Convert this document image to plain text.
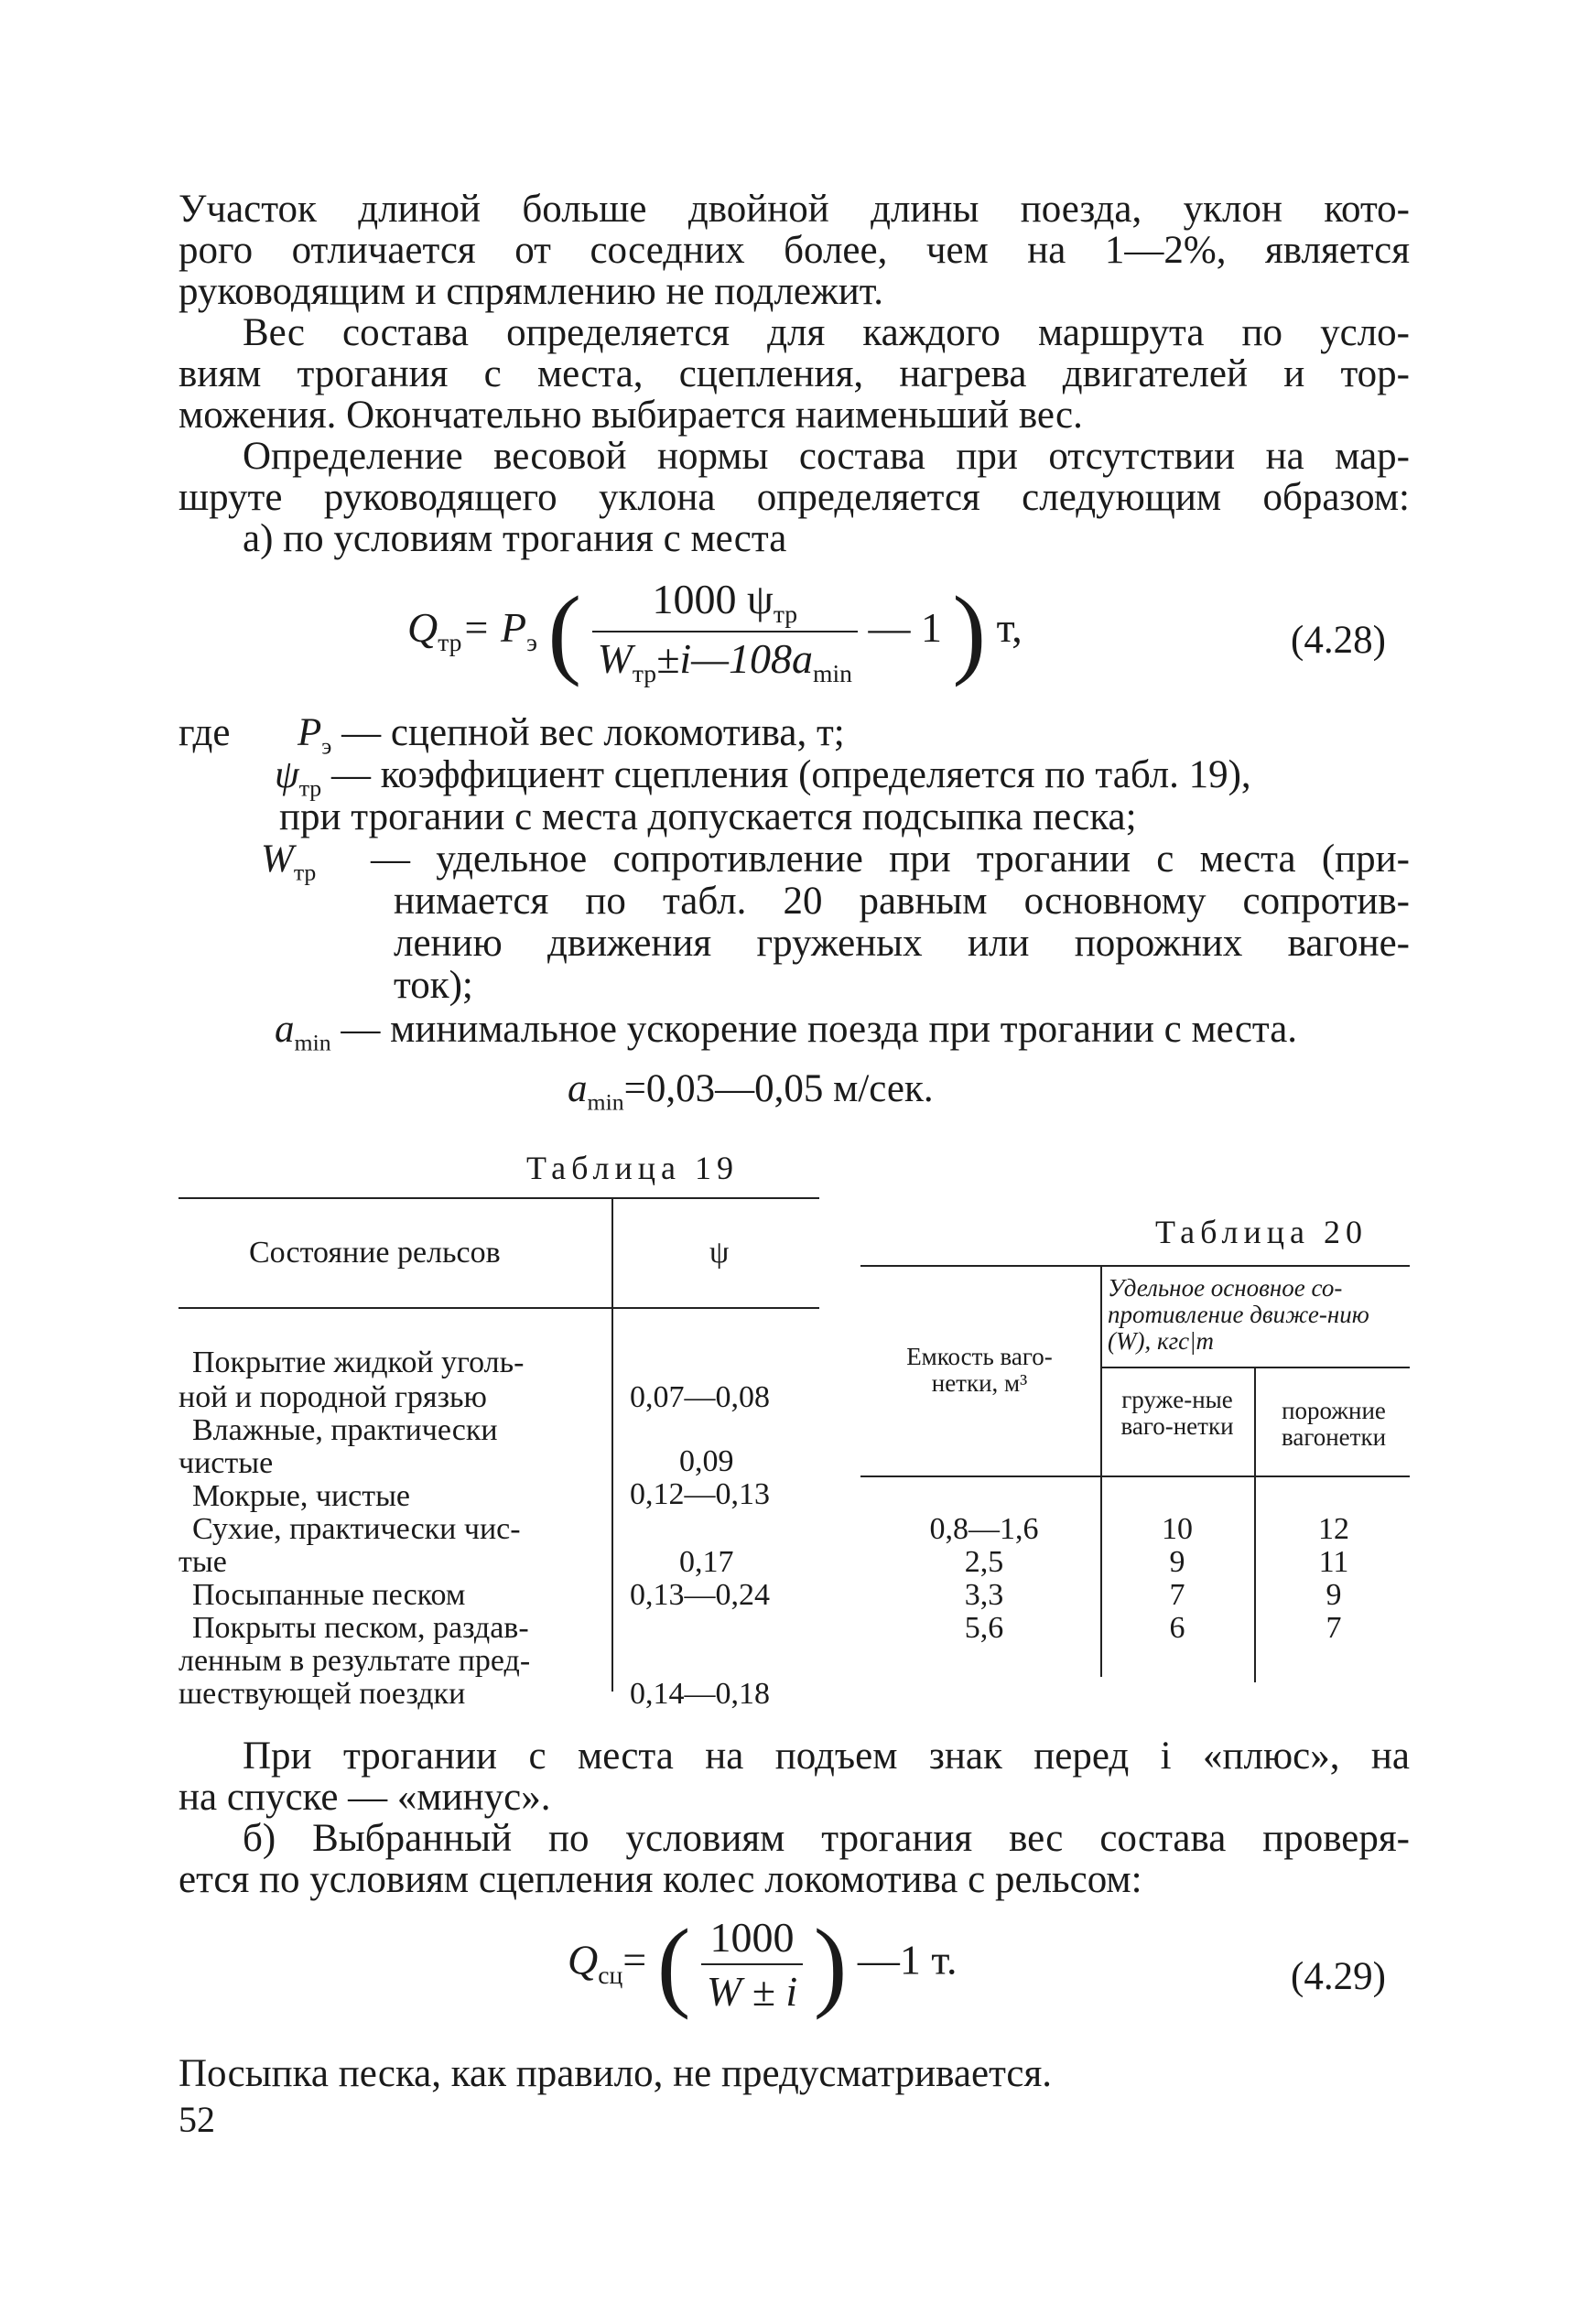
Участок длиной больше двойной длины поезда, уклон кото-
рого отличается от соседних более, чем на 1—2%, является
руководящим и спрямлению не подлежит.
Вес состава определяется для каждого маршрута по усло-
виям трогания с места, сцепления, нагрева двигателей и тор-
можения. Окончательно выбирается наименьший вес.
Определение весовой нормы состава при отсутствии на мар-
шруте руководящего уклона определяется следующим образом:
а) по условиям трогания с места
$Q_{тр}= P_э$ ( $\frac{1000 \psi_{тр}}{W_{тр}\pm i—108a_{min}}$ — 1 ) т,	(4.28)
где $P_э$ — сцепной вес локомотива, т;
$\psi_{тр}$ — коэффициент сцепления (определяется по табл. 19),
при трогании с места допускается подсыпка песка;
$W_{тр}$ — удельное сопротивление при трогании с места (при-
нимается по табл. 20 равным основному сопротив-
лению движения груженых или порожних вагоне-
ток);
$a_{min}$ — минимальное ускорение поезда при трогании с места.
$a_{min}=0,03—0,05$ м/сек.
Таблица 19
Состояние рельсов	ψ
Покрытие жидкой уголь-
ной и породной грязью	0,07—0,08
Влажные, практически
чистые	0,09
Мокрые, чистые	0,12—0,13
Сухие, практически чис-
тые	0,17
Посыпанные песком	0,13—0,24
Покрыты песком, раздав-
ленным в результате пред-
шествующей поездки	0,14—0,18
Таблица 20
Емкость ваго-нетки, м³
Удельное основное со-противление движе-нию (W), кгс|т
гружe-ные ваго-нетки
порожние вагонетки
0,8—1,6	10	12
2,5	9	11
3,3	7	9
5,6	6	7
При трогании с места на подъем знак перед i «плюс», на
на спуске — «минус».
б) Выбранный по условиям трогания вес состава проверя-
ется по условиям сцепления колес локомотива с рельсом:
$Q_{сц}=$ ( $\frac{1000}{W \pm i}$ ) —1 т.	(4.29)
Посыпка песка, как правило, не предусматривается.
52
